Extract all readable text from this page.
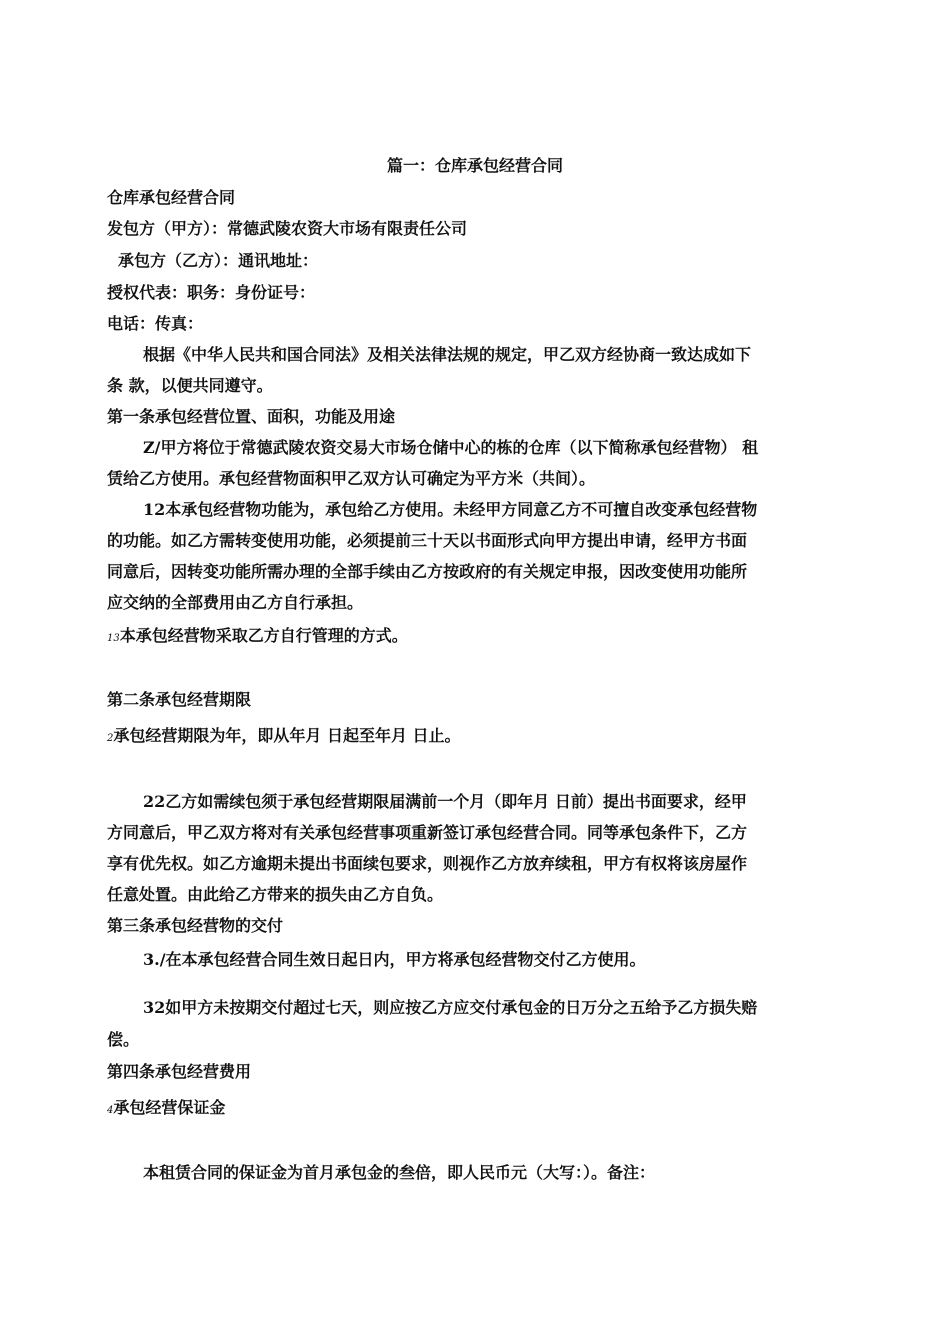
篇一：仓库承包经营合同
仓库承包经营合同
发包方（甲方）：常德武陵农资大市场有限责任公司
承包方（乙方）：通讯地址：
授权代表：职务：身份证号：
电话：传真：
根据《中华人民共和国合同法》及相关法律法规的规定，甲乙双方经协商一致达成如下
条 款，以便共同遵守。
第一条承包经营位置、面积，功能及用途
Z/甲方将位于常德武陵农资交易大市场仓储中心的栋的仓库（以下简称承包经营物） 租
赁给乙方使用。承包经营物面积甲乙双方认可确定为平方米（共间）。
12本承包经营物功能为，承包给乙方使用。未经甲方同意乙方不可擅自改变承包经营物
的功能。如乙方需转变使用功能，必须提前三十天以书面形式向甲方提出申请，经甲方书面
同意后，因转变功能所需办理的全部手续由乙方按政府的有关规定申报，因改变使用功能所
应交纳的全部费用由乙方自行承担。
13本承包经营物采取乙方自行管理的方式。
第二条承包经营期限
2承包经营期限为年，即从年月 日起至年月 日止。
22乙方如需续包须于承包经营期限届满前一个月（即年月 日前）提出书面要求，经甲
方同意后，甲乙双方将对有关承包经营事项重新签订承包经营合同。同等承包条件下，乙方
享有优先权。如乙方逾期未提出书面续包要求，则视作乙方放弃续租，甲方有权将该房屋作
任意处置。由此给乙方带来的损失由乙方自负。
第三条承包经营物的交付
3./在本承包经营合同生效日起日内，甲方将承包经营物交付乙方使用。
32如甲方未按期交付超过七天，则应按乙方应交付承包金的日万分之五给予乙方损失赔
偿。
第四条承包经营费用
4承包经营保证金
本租赁合同的保证金为首月承包金的叁倍，即人民币元（大写：）。备注：
